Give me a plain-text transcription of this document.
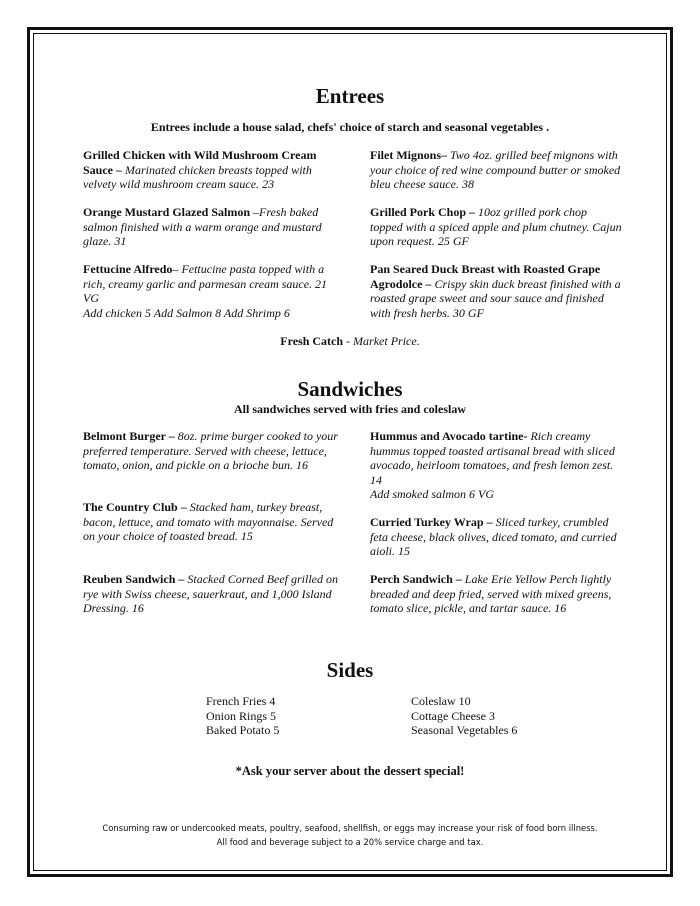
Entrees
Entrees include a house salad, chefs' choice of starch and seasonal vegetables .

Grilled Chicken with Wild Mushroom Cream Sauce – Marinated chicken breasts topped with velvety wild mushroom cream sauce. 23

Orange Mustard Glazed Salmon –Fresh baked salmon finished with a warm orange and mustard glaze. 31

Fettucine Alfredo– Fettucine pasta topped with a rich, creamy garlic and parmesan cream sauce. 21 VG
Add chicken 5 Add Salmon 8 Add Shrimp 6

Filet Mignons– Two 4oz. grilled beef mignons with your choice of red wine compound butter or smoked bleu cheese sauce. 38

Grilled Pork Chop – 10oz grilled pork chop topped with a spiced apple and plum chutney. Cajun upon request. 25 GF

Pan Seared Duck Breast with Roasted Grape Agrodolce – Crispy skin duck breast finished with a roasted grape sweet and sour sauce and finished with fresh herbs. 30 GF

Fresh Catch - Market Price.
Sandwiches
All sandwiches served with fries and coleslaw

Belmont Burger – 8oz. prime burger cooked to your preferred temperature. Served with cheese, lettuce, tomato, onion, and pickle on a brioche bun. 16

The Country Club – Stacked ham, turkey breast, bacon, lettuce, and tomato with mayonnaise. Served on your choice of toasted bread. 15

Reuben Sandwich – Stacked Corned Beef grilled on rye with Swiss cheese, sauerkraut, and 1,000 Island Dressing. 16

Hummus and Avocado tartine- Rich creamy hummus topped toasted artisanal bread with sliced avocado, heirloom tomatoes, and fresh lemon zest. 14
Add smoked salmon 6 VG

Curried Turkey Wrap – Sliced turkey, crumbled feta cheese, black olives, diced tomato, and curried aioli. 15

Perch Sandwich – Lake Erie Yellow Perch lightly breaded and deep fried, served with mixed greens, tomato slice, pickle, and tartar sauce. 16

Sides
French Fries 4
Onion Rings 5
Baked Potato 5
Coleslaw 10
Cottage Cheese 3
Seasonal Vegetables 6
*Ask your server about the dessert special!
Consuming raw or undercooked meats, poultry, seafood, shellfish, or eggs may increase your risk of food born illness.
All food and beverage subject to a 20% service charge and tax.
